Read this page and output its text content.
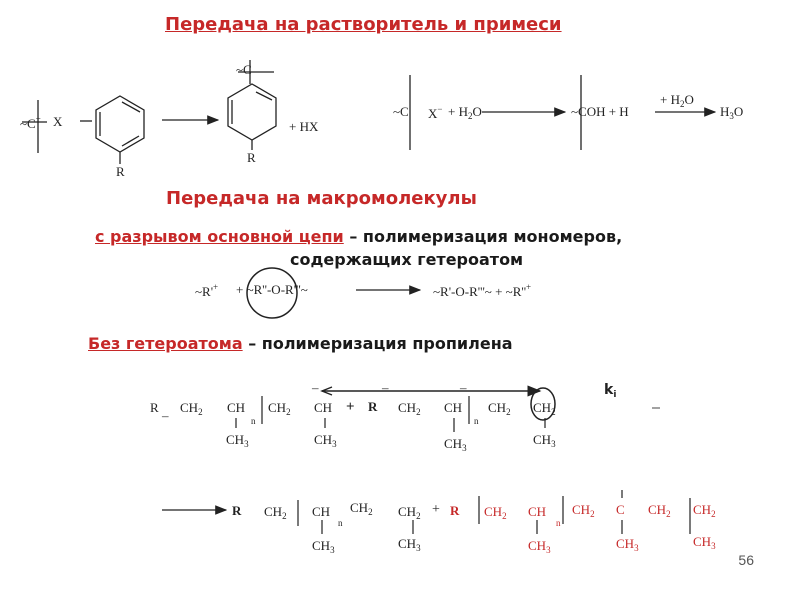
Передача на растворитель и примеси
Передача на макромолекулы
с разрывом основной цепи – полимеризация мономеров,
содержащих гетероатом
Без гетероатома – полимеризация пропилена
~C+ X
R
~C
+ HX
R
~C $X^- + H_2O$	~COH + H
+ $H_2O$
$H_3O$
~R'+ + ~R''-O-R'''~	~R'-O-R'''~ + ~R''+
R
–
$CH_2$ CH
n
$CH_2$ CH + R $CH_2$ CH
n
$CH_2$ $CH_2$
$CH_3$	$CH_3$	$CH_3$
$CH_3$
–	–	–	$k_i$
R $CH_2$ CH
n
$CH_2$ $CH_2 + R$ $CH_2$ CH
n
$CH_2$ C $CH_2$ $CH_2$
$CH_3$	$CH_3$	$CH_3$	$CH_3$	$CH_3$
56
